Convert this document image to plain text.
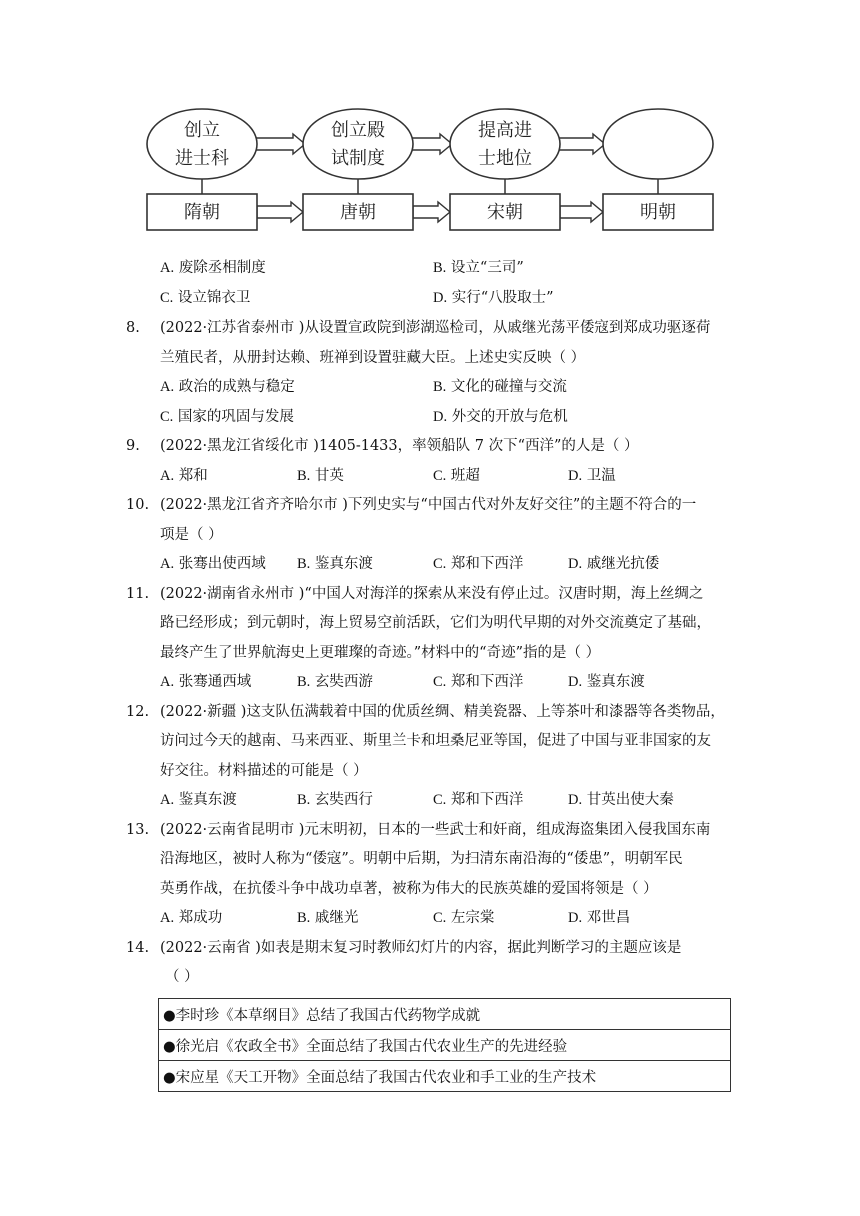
创立
进士科
创立殿
试制度
提高进
士地位
隋朝	唐朝	宋朝	明朝
A. 废除丞相制度	B. 设立“三司”
C. 设立锦衣卫	D. 实行“八股取士”
8. (2022·江苏省泰州市 )从设置宣政院到澎湖巡检司，从戚继光荡平倭寇到郑成功驱逐荷
兰殖民者，从册封达赖、班禅到设置驻藏大臣。上述史实反映（ ）
A. 政治的成熟与稳定	B. 文化的碰撞与交流
C. 国家的巩固与发展	D. 外交的开放与危机
9. (2022·黑龙江省绥化市 )1405-1433，率领船队 7 次下“西洋”的人是（ ）
A. 郑和	B. 甘英	C. 班超	D. 卫温
10. (2022·黑龙江省齐齐哈尔市 )下列史实与“中国古代对外友好交往”的主题不符合的一
项是（ ）
A. 张骞出使西域 B. 鉴真东渡	C. 郑和下西洋	D. 戚继光抗倭
11. (2022·湖南省永州市 )“中国人对海洋的探索从来没有停止过。汉唐时期，海上丝绸之
路已经形成；到元朝时，海上贸易空前活跃，它们为明代早期的对外交流奠定了基础，
最终产生了世界航海史上更璀璨的奇迹。”材料中的“奇迹”指的是（ ）
A. 张骞通西域	B. 玄奘西游	C. 郑和下西洋	D. 鉴真东渡
12. (2022·新疆 )这支队伍满载着中国的优质丝绸、精美瓷器、上等茶叶和漆器等各类物品，
访问过今天的越南、马来西亚、斯里兰卡和坦桑尼亚等国，促进了中国与亚非国家的友
好交往。材料描述的可能是（ ）
A. 鉴真东渡	B. 玄奘西行	C. 郑和下西洋	D. 甘英出使大秦
13. (2022·云南省昆明市 )元末明初，日本的一些武士和奸商，组成海盗集团入侵我国东南
沿海地区，被时人称为“倭寇”。明朝中后期，为扫清东南沿海的“倭患”，明朝军民
英勇作战，在抗倭斗争中战功卓著，被称为伟大的民族英雄的爱国将领是（ ）
A. 郑成功	B. 戚继光	C. 左宗棠	D. 邓世昌
14. (2022·云南省 )如表是期末复习时教师幻灯片的内容，据此判断学习的主题应该是
（ ）
●李时珍《本草纲目》总结了我国古代药物学成就
●徐光启《农政全书》全面总结了我国古代农业生产的先进经验
●宋应星《天工开物》全面总结了我国古代农业和手工业的生产技术
